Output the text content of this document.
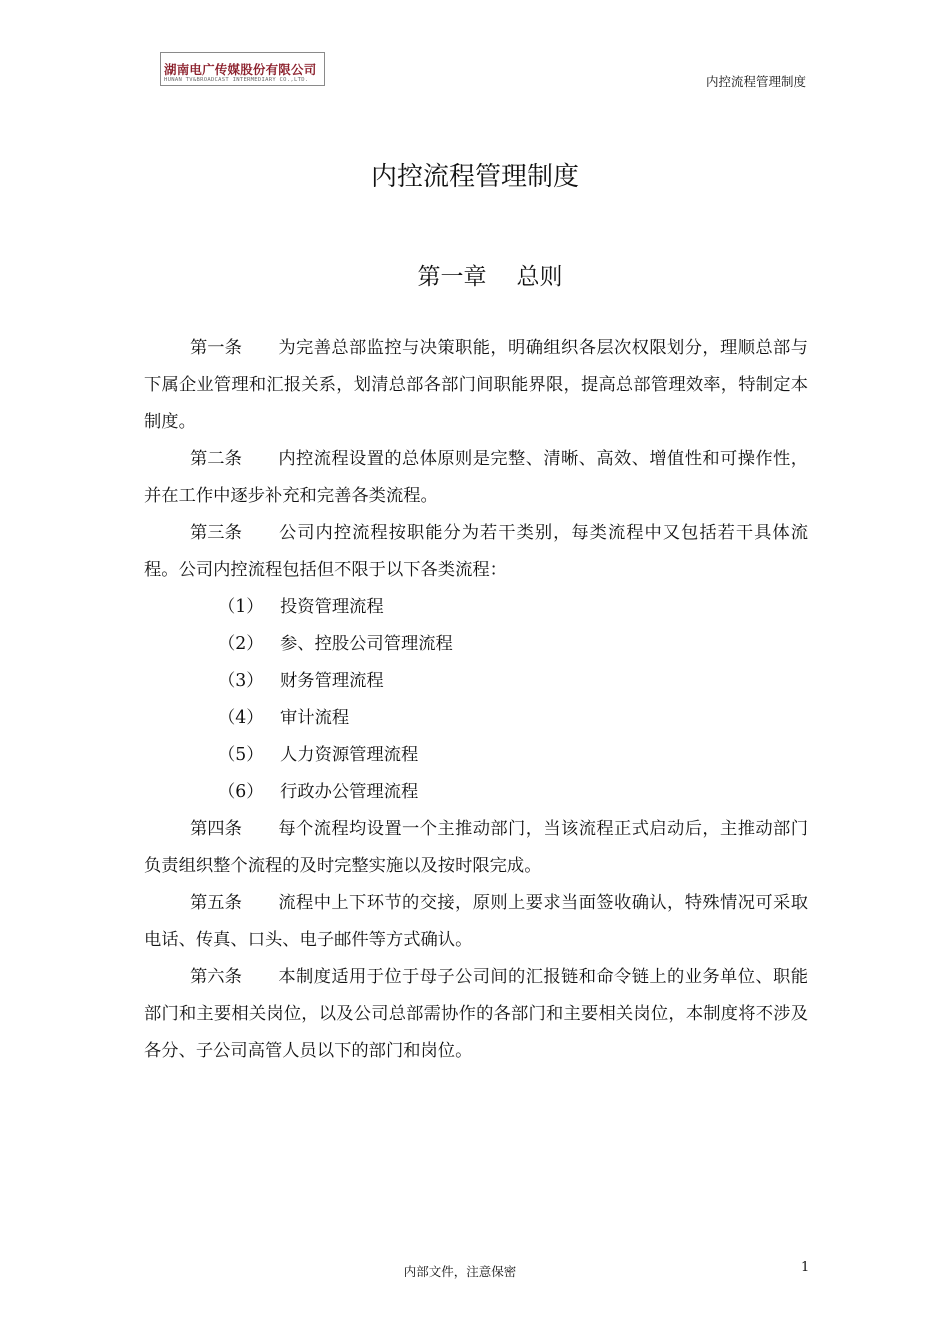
湖南电广传媒股份有限公司
HUNAN TV&BROADCAST INTERMEDIARY CO.,LTD.	内控流程管理制度
内控流程管理制度
第一章 总则

第一条 为完善总部监控与决策职能，明确组织各层次权限划分，理顺总部与下属企业管理和汇报关系，划清总部各部门间职能界限，提高总部管理效率，特制定本制度。

第二条 内控流程设置的总体原则是完整、清晰、高效、增值性和可操作性，并在工作中逐步补充和完善各类流程。

第三条 公司内控流程按职能分为若干类别，每类流程中又包括若干具体流程。公司内控流程包括但不限于以下各类流程：

（1） 投资管理流程

（2） 参、控股公司管理流程

（3） 财务管理流程

（4） 审计流程

（5） 人力资源管理流程

（6） 行政办公管理流程

第四条 每个流程均设置一个主推动部门，当该流程正式启动后，主推动部门负责组织整个流程的及时完整实施以及按时限完成。

第五条 流程中上下环节的交接，原则上要求当面签收确认，特殊情况可采取电话、传真、口头、电子邮件等方式确认。

第六条 本制度适用于位于母子公司间的汇报链和命令链上的业务单位、职能部门和主要相关岗位，以及公司总部需协作的各部门和主要相关岗位，本制度将不涉及各分、子公司高管人员以下的部门和岗位。

内部文件，注意保密	1
